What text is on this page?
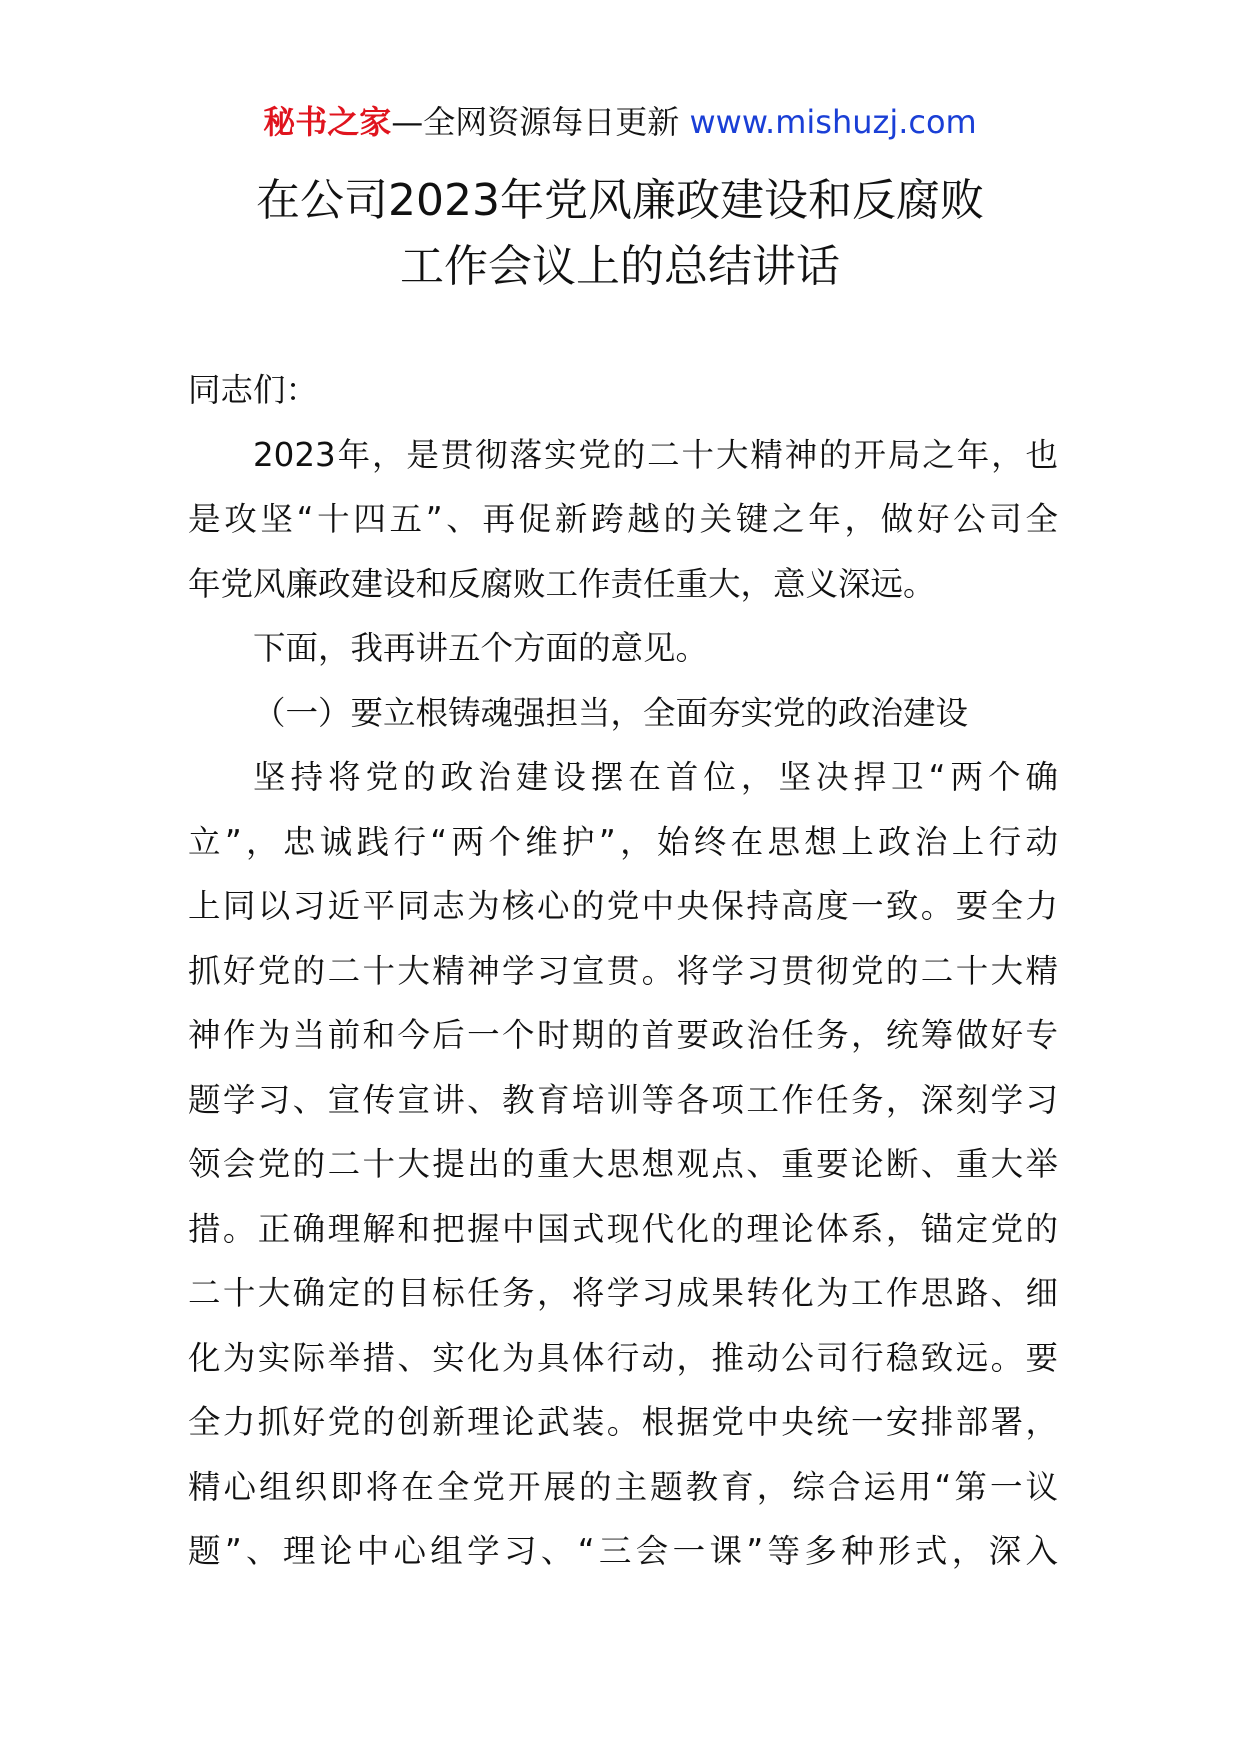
秘书之家—全网资源每日更新 www.mishuzj.com
在公司2023年党风廉政建设和反腐败
工作会议上的总结讲话

同志们：

2023年，是贯彻落实党的二十大精神的开局之年，也
是攻坚“十四五”、再促新跨越的关键之年，做好公司全
年党风廉政建设和反腐败工作责任重大，意义深远。

下面，我再讲五个方面的意见。

（一）要立根铸魂强担当，全面夯实党的政治建设

坚持将党的政治建设摆在首位，坚决捍卫“两个确
立”，忠诚践行“两个维护”，始终在思想上政治上行动
上同以习近平同志为核心的党中央保持高度一致。要全力
抓好党的二十大精神学习宣贯。将学习贯彻党的二十大精
神作为当前和今后一个时期的首要政治任务，统筹做好专
题学习、宣传宣讲、教育培训等各项工作任务，深刻学习
领会党的二十大提出的重大思想观点、重要论断、重大举
措。正确理解和把握中国式现代化的理论体系，锚定党的
二十大确定的目标任务，将学习成果转化为工作思路、细
化为实际举措、实化为具体行动，推动公司行稳致远。要
全力抓好党的创新理论武装。根据党中央统一安排部署，
精心组织即将在全党开展的主题教育，综合运用“第一议
题”、理论中心组学习、“三会一课”等多种形式，深入
